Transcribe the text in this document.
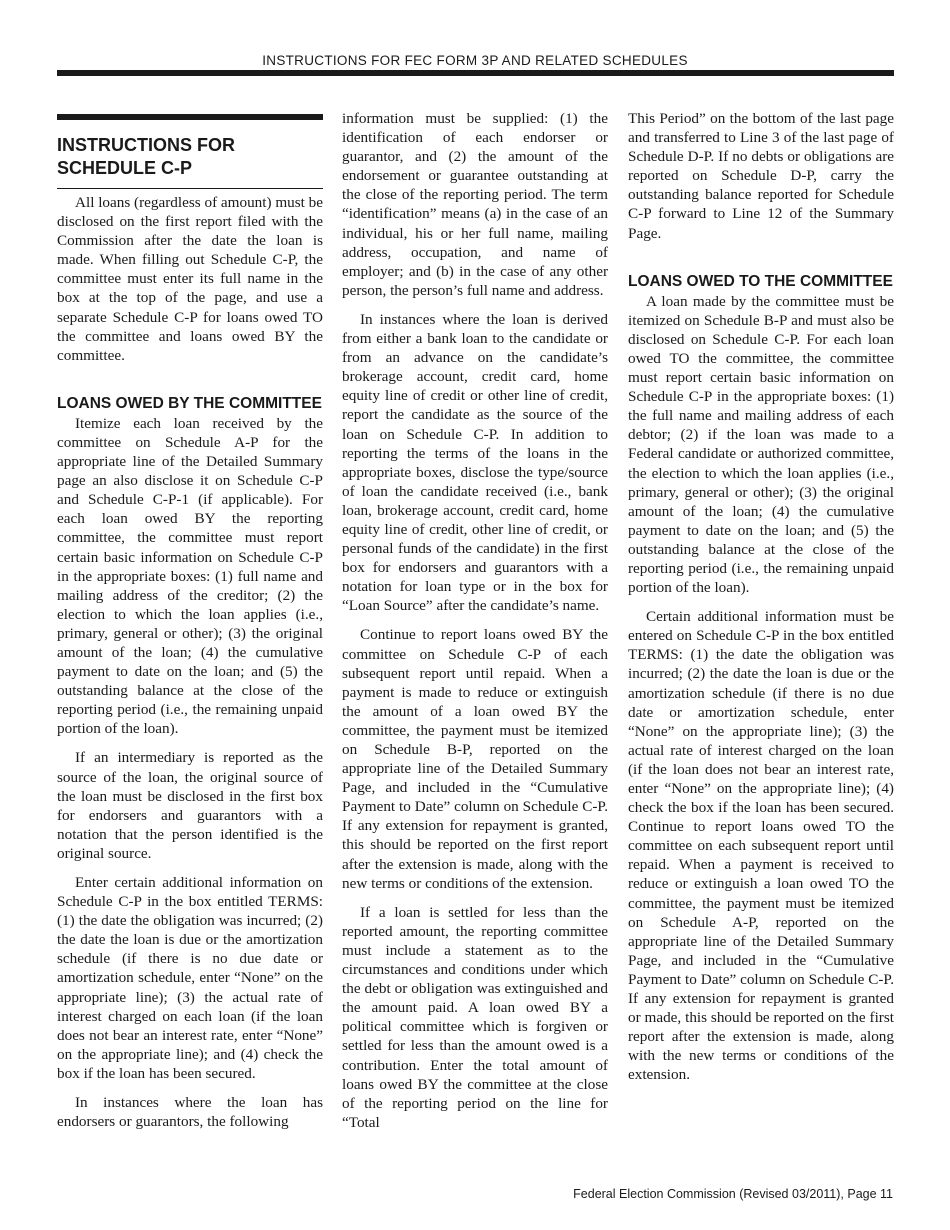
INSTRUCTIONS FOR FEC FORM 3P AND RELATED SCHEDULES
INSTRUCTIONS FOR SCHEDULE C-P

All loans (regardless of amount) must be disclosed on the first report filed with the Commission after the date the loan is made. When filling out Schedule C-P, the committee must enter its full name in the box at the top of the page, and use a separate Schedule C-P for loans owed TO the committee and loans owed BY the committee.

LOANS OWED BY THE COMMITTEE

Itemize each loan received by the committee on Schedule A-P for the appropriate line of the Detailed Summary page an also disclose it on Schedule C-P and Schedule C-P-1 (if applicable). For each loan owed BY the reporting committee, the committee must report certain basic information on Schedule C-P in the appropriate boxes: (1) full name and mailing address of the creditor; (2) the election to which the loan applies (i.e., primary, general or other); (3) the original amount of the loan; (4) the cumulative payment to date on the loan; and (5) the outstanding balance at the close of the reporting period (i.e., the remaining unpaid portion of the loan).

If an intermediary is reported as the source of the loan, the original source of the loan must be disclosed in the first box for endorsers and guarantors with a notation that the person identified is the original source.

Enter certain additional information on Schedule C-P in the box entitled TERMS: (1) the date the obligation was incurred; (2) the date the loan is due or the amortization schedule (if there is no due date or amortization schedule, enter “None” on the appropriate line); (3) the actual rate of interest charged on each loan (if the loan does not bear an interest rate, enter “None” on the appropriate line); and (4) check the box if the loan has been secured.

In instances where the loan has endorsers or guarantors, the following

information must be supplied: (1) the identification of each endorser or guarantor, and (2) the amount of the endorsement or guarantee outstanding at the close of the reporting period. The term “identification” means (a) in the case of an individual, his or her full name, mailing address, occupation, and name of employer; and (b) in the case of any other person, the person’s full name and address.

In instances where the loan is derived from either a bank loan to the candidate or from an advance on the candidate’s brokerage account, credit card, home equity line of credit or other line of credit, report the candidate as the source of the loan on Schedule C-P. In addition to reporting the terms of the loans in the appropriate boxes, disclose the type/source of loan the candidate received (i.e., bank loan, brokerage account, credit card, home equity line of credit, other line of credit, or personal funds of the candidate) in the first box for endorsers and guarantors with a notation for loan type or in the box for “Loan Source” after the candidate’s name.

Continue to report loans owed BY the committee on Schedule C-P of each subsequent report until repaid. When a payment is made to reduce or extinguish the amount of a loan owed BY the committee, the payment must be itemized on Schedule B-P, reported on the appropriate line of the Detailed Summary Page, and included in the “Cumulative Payment to Date” column on Schedule C-P. If any extension for repayment is granted, this should be reported on the first report after the extension is made, along with the new terms or conditions of the extension.

If a loan is settled for less than the reported amount, the reporting committee must include a statement as to the circumstances and conditions under which the debt or obligation was extinguished and the amount paid. A loan owed BY a political committee which is forgiven or settled for less than the amount owed is a contribution. Enter the total amount of loans owed BY the committee at the close of the reporting period on the line for “Total

This Period” on the bottom of the last page and transferred to Line 3 of the last page of Schedule D-P. If no debts or obligations are reported on Schedule D-P, carry the outstanding balance reported for Schedule C-P forward to Line 12 of the Summary Page.

LOANS OWED TO THE COMMITTEE

A loan made by the committee must be itemized on Schedule B-P and must also be disclosed on Schedule C-P. For each loan owed TO the committee, the committee must report certain basic information on Schedule C-P in the appropriate boxes: (1) the full name and mailing address of each debtor; (2) if the loan was made to a Federal candidate or authorized committee, the election to which the loan applies (i.e., primary, general or other); (3) the original amount of the loan; (4) the cumulative payment to date on the loan; and (5) the outstanding balance at the close of the reporting period (i.e., the remaining unpaid portion of the loan).

Certain additional information must be entered on Schedule C-P in the box entitled TERMS: (1) the date the obligation was incurred; (2) the date the loan is due or the amortization schedule (if there is no due date or amortization schedule, enter “None” on the appropriate line); (3) the actual rate of interest charged on the loan (if the loan does not bear an interest rate, enter “None” on the appropriate line); (4) check the box if the loan has been secured. Continue to report loans owed TO the committee on each subsequent report until repaid. When a payment is received to reduce or extinguish a loan owed TO the committee, the payment must be itemized on Schedule A-P, reported on the appropriate line of the Detailed Summary Page, and included in the “Cumulative Payment to Date” column on Schedule C-P. If any extension for repayment is granted or made, this should be reported on the first report after the extension is made, along with the new terms or conditions of the extension.

Federal Election Commission (Revised 03/2011), Page 11
